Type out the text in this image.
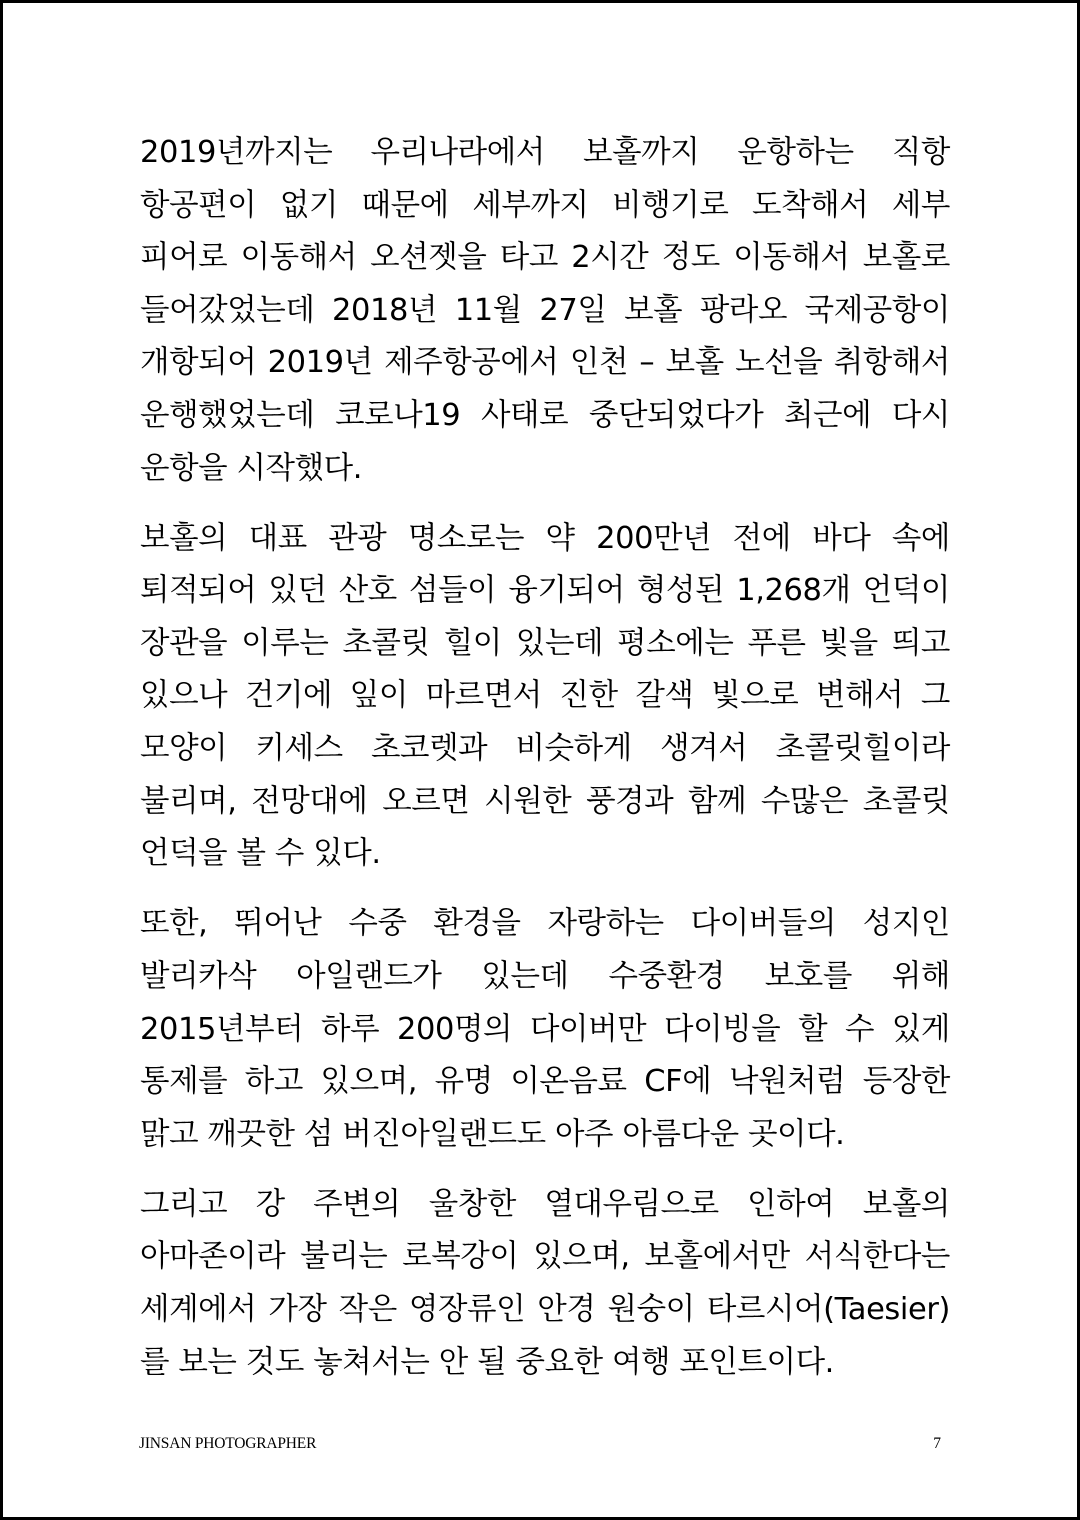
2019년까지는 우리나라에서 보홀까지 운항하는 직항 항공편이 없기 때문에 세부까지 비행기로 도착해서 세부 피어로 이동해서 오션젯을 타고 2시간 정도 이동해서 보홀로 들어갔었는데 2018년 11월 27일 보홀 팡라오 국제공항이 개항되어 2019년 제주항공에서 인천 – 보홀 노선을 취항해서 운행했었는데 코로나19 사태로 중단되었다가 최근에 다시 운항을 시작했다.

보홀의 대표 관광 명소로는 약 200만년 전에 바다 속에 퇴적되어 있던 산호 섬들이 융기되어 형성된 1,268개 언덕이 장관을 이루는 초콜릿 힐이 있는데 평소에는 푸른 빛을 띄고 있으나 건기에 잎이 마르면서 진한 갈색 빛으로 변해서 그 모양이 키세스 초코렛과 비슷하게 생겨서 초콜릿힐이라 불리며, 전망대에 오르면 시원한 풍경과 함께 수많은 초콜릿 언덕을 볼 수 있다.

또한, 뛰어난 수중 환경을 자랑하는 다이버들의 성지인 발리카삭 아일랜드가 있는데 수중환경 보호를 위해 2015년부터 하루 200명의 다이버만 다이빙을 할 수 있게 통제를 하고 있으며, 유명 이온음료 CF에 낙원처럼 등장한 맑고 깨끗한 섬 버진아일랜드도 아주 아름다운 곳이다.

그리고 강 주변의 울창한 열대우림으로 인하여 보홀의 아마존이라 불리는 로복강이 있으며, 보홀에서만 서식한다는 세계에서 가장 작은 영장류인 안경 원숭이 타르시어(Taesier)를 보는 것도 놓쳐서는 안 될 중요한 여행 포인트이다.

JINSAN PHOTOGRAPHER	7
